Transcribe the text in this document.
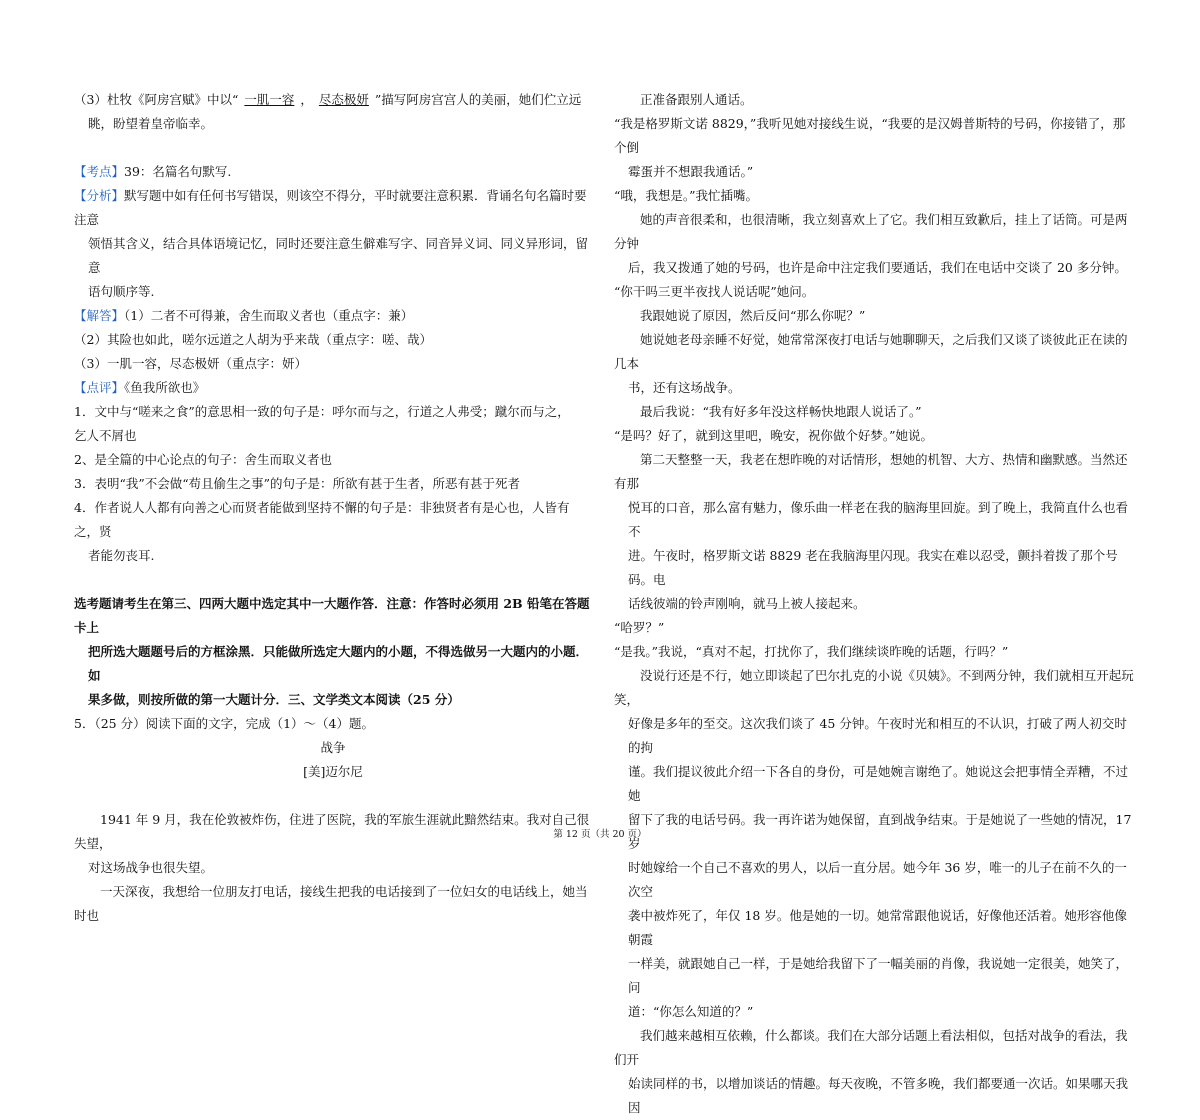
（3）杜牧《阿房宫赋》中以“ 一肌一容 ， 尽态极妍 ”描写阿房宫宫人的美丽，她们伫立远

眺，盼望着皇帝临幸。

【考点】39：名篇名句默写.

【分析】默写题中如有任何书写错误，则该空不得分，平时就要注意积累．背诵名句名篇时要注意

领悟其含义，结合具体语境记忆，同时还要注意生僻难写字、同音异义词、同义异形词，留意

语句顺序等.

【解答】（1）二者不可得兼，舍生而取义者也（重点字：兼）

（2）其险也如此，嗟尔远道之人胡为乎来哉（重点字：嗟、哉）

（3）一肌一容，尽态极妍（重点字：妍）

【点评】《鱼我所欲也》

1．文中与“嗟来之食”的意思相一致的句子是：呼尔而与之，行道之人弗受；蹴尔而与之，

乞人不屑也

2、是全篇的中心论点的句子：舍生而取义者也

3．表明“我”不会做“苟且偷生之事”的句子是：所欲有甚于生者，所恶有甚于死者

4．作者说人人都有向善之心而贤者能做到坚持不懈的句子是：非独贤者有是心也，人皆有之，贤

者能勿丧耳.

选考题请考生在第三、四两大题中选定其中一大题作答．注意：作答时必须用 2B 铅笔在答题卡上

把所选大题题号后的方框涂黑．只能做所选定大题内的小题，不得选做另一大题内的小题．如

果多做，则按所做的第一大题计分．三、文学类文本阅读（25 分）

5．（25 分）阅读下面的文字，完成（1）～（4）题。

战争

[美]迈尔尼

1941 年 9 月，我在伦敦被炸伤，住进了医院，我的军旅生涯就此黯然结束。我对自己很失望，

对这场战争也很失望。

一天深夜，我想给一位朋友打电话，接线生把我的电话接到了一位妇女的电话线上，她当时也

正准备跟别人通话。

“我是格罗斯文诺 8829，”我听见她对接线生说，“我要的是汉姆普斯特的号码，你接错了，那个倒

霉蛋并不想跟我通话。”

“哦，我想是。”我忙插嘴。

她的声音很柔和，也很清晰，我立刻喜欢上了它。我们相互致歉后，挂上了话筒。可是两分钟

后，我又拨通了她的号码，也许是命中注定我们要通话，我们在电话中交谈了 20 多分钟。

“你干吗三更半夜找人说话呢”她问。

我跟她说了原因，然后反问“那么你呢？”

她说她老母亲睡不好觉，她常常深夜打电话与她聊聊天，之后我们又谈了谈彼此正在读的几本

书，还有这场战争。

最后我说：“我有好多年没这样畅快地跟人说话了。”

“是吗？好了，就到这里吧，晚安，祝你做个好梦。”她说。

第二天整整一天，我老在想昨晚的对话情形，想她的机智、大方、热情和幽默感。当然还有那

悦耳的口音，那么富有魅力，像乐曲一样老在我的脑海里回旋。到了晚上，我简直什么也看不

进。午夜时，格罗斯文诺 8829 老在我脑海里闪现。我实在难以忍受，颤抖着拨了那个号码。电

话线彼端的铃声刚响，就马上被人接起来。

“哈罗？”

“是我。”我说，“真对不起，打扰你了，我们继续谈昨晚的话题，行吗？”

没说行还是不行，她立即谈起了巴尔扎克的小说《贝姨》。不到两分钟，我们就相互开起玩笑，

好像是多年的至交。这次我们谈了 45 分钟。午夜时光和相互的不认识，打破了两人初交时的拘

谨。我们提议彼此介绍一下各自的身份，可是她婉言谢绝了。她说这会把事情全弄糟，不过她

留下了我的电话号码。我一再许诺为她保留，直到战争结束。于是她说了一些她的情况，17 岁

时她嫁给一个自己不喜欢的男人，以后一直分居。她今年 36 岁，唯一的儿子在前不久的一次空

袭中被炸死了，年仅 18 岁。他是她的一切。她常常跟他说话，好像他还活着。她形容他像朝霞

一样美，就跟她自己一样，于是她给我留下了一幅美丽的肖像，我说她一定很美，她笑了，问

道：“你怎么知道的？”

我们越来越相互依赖，什么都谈。我们在大部分话题上看法相似，包括对战争的看法，我们开

始读同样的书，以增加谈话的情趣。每天夜晚，不管多晚，我们都要通一次话。如果哪天我因

第 12 页（共 20 页）
